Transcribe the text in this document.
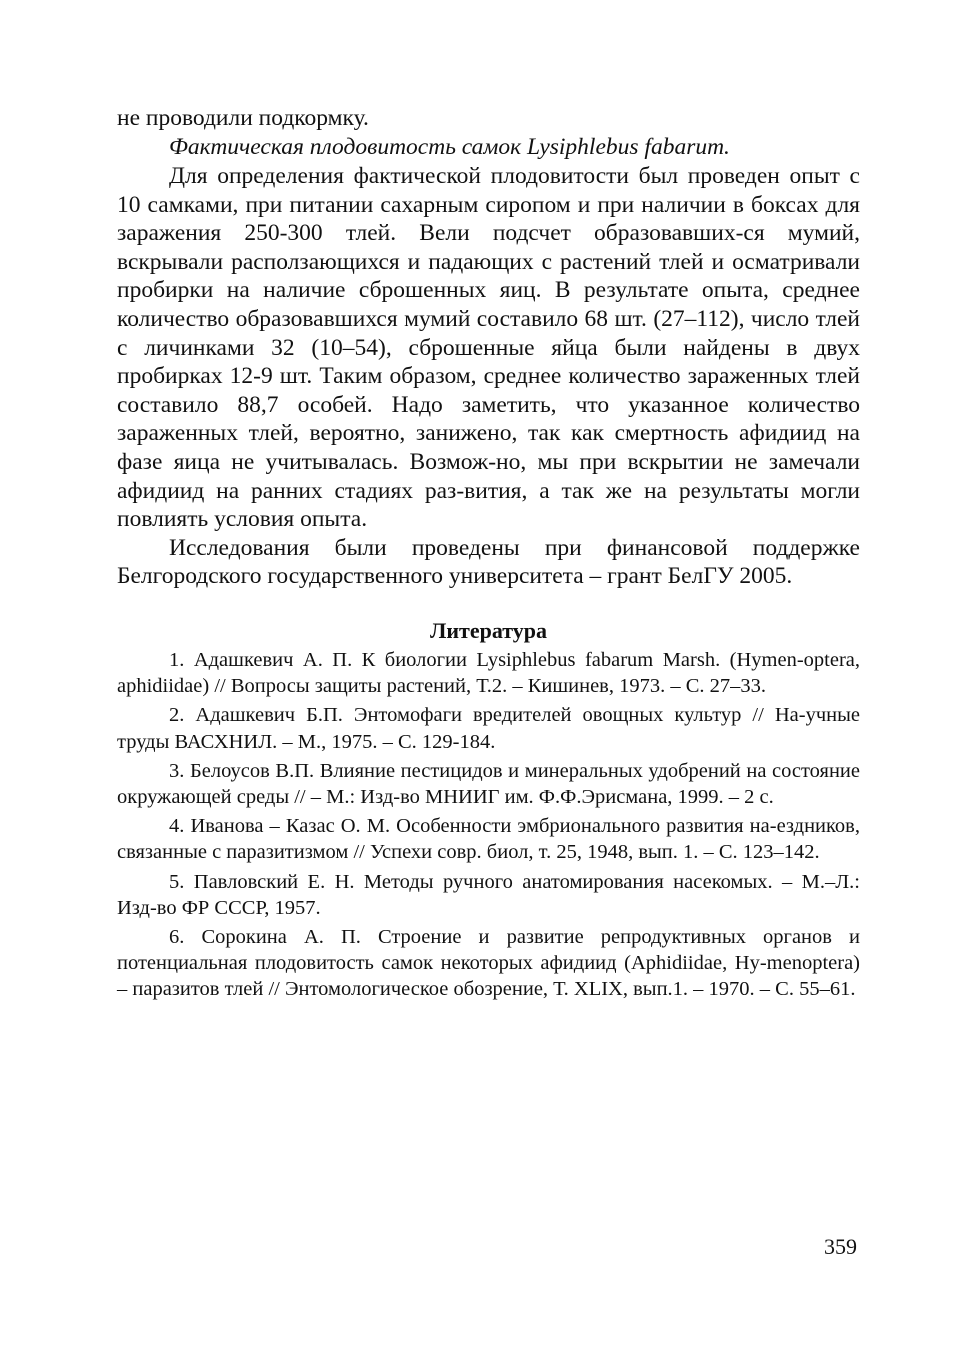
не проводили подкормку.

Фактическая плодовитость самок Lysiphlebus fabarum.

Для определения фактической плодовитости был проведен опыт с 10 самками, при питании сахарным сиропом и при наличии в боксах для заражения 250-300 тлей. Вели подсчет образовавших-ся мумий, вскрывали расползающихся и падающих с растений тлей и осматривали пробирки на наличие сброшенных яиц. В результате опыта, среднее количество образовавшихся мумий составило 68 шт. (27–112), число тлей с личинками 32 (10–54), сброшенные яйца были найдены в двух пробирках 12-9 шт. Таким образом, среднее количество зараженных тлей составило 88,7 особей. Надо заметить, что указанное количество зараженных тлей, вероятно, занижено, так как смертность афидиид на фазе яица не учитывалась. Возмож-но, мы при вскрытии не замечали афидиид на ранних стадиях раз-вития, а так же на результаты могли повлиять условия опыта.

Исследования были проведены при финансовой поддержке Белгородского государственного университета – грант БелГУ 2005.

Литература
1. Адашкевич А. П. К биологии Lysiphlebus fabarum Marsh. (Hymen-optera, aphidiidae) // Вопросы защиты растений, Т.2. – Кишинев, 1973. – С. 27–33.
2. Адашкевич Б.П. Энтомофаги вредителей овощных культур // На-учные труды ВАСХНИЛ. – М., 1975. – С. 129-184.
3. Белоусов В.П. Влияние пестицидов и минеральных удобрений на состояние окружающей среды // – М.: Изд-во МНИИГ им. Ф.Ф.Эрисмана, 1999. – 2 с.
4. Иванова – Казас О. М. Особенности эмбрионального развития на-ездников, связанные с паразитизмом // Успехи совр. биол, т. 25, 1948, вып. 1. – С. 123–142.
5. Павловский Е. Н. Методы ручного анатомирования насекомых. – М.–Л.: Изд-во ФР СССР, 1957.
6. Сорокина А. П. Строение и развитие репродуктивных органов и потенциальная плодовитость самок некоторых афидиид (Aphidiidae, Hy-menoptera) – паразитов тлей // Энтомологическое обозрение, Т. XLIX, вып.1. – 1970. – С. 55–61.
359
